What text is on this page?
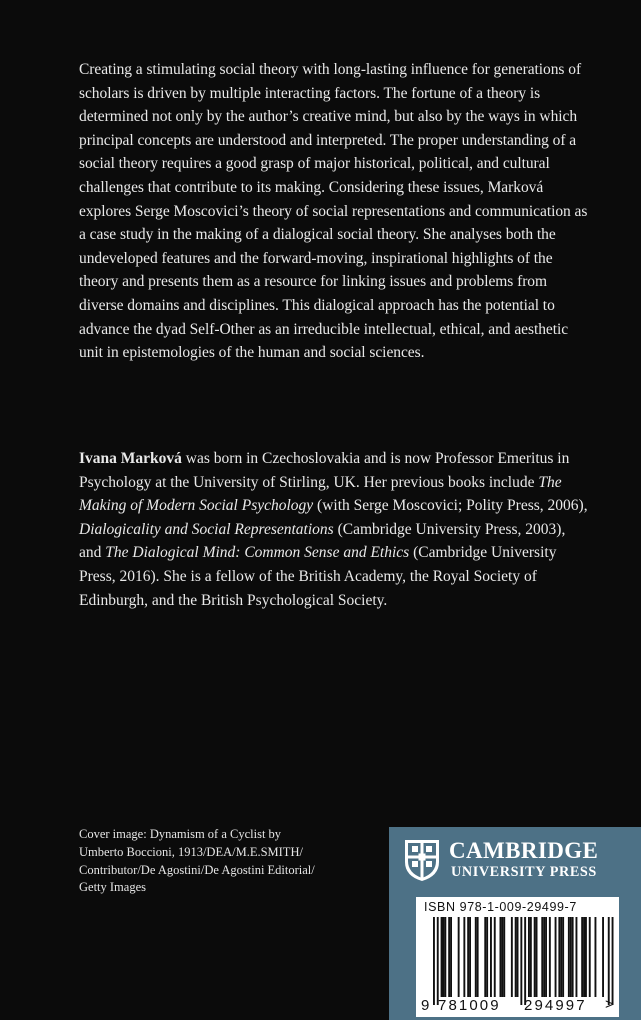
Creating a stimulating social theory with long-lasting influence for generations of scholars is driven by multiple interacting factors. The fortune of a theory is determined not only by the author’s creative mind, but also by the ways in which principal concepts are understood and interpreted. The proper understanding of a social theory requires a good grasp of major historical, political, and cultural challenges that contribute to its making. Considering these issues, Marková explores Serge Moscovici’s theory of social representations and communication as a case study in the making of a dialogical social theory. She analyses both the undeveloped features and the forward-moving, inspirational highlights of the theory and presents them as a resource for linking issues and problems from diverse domains and disciplines. This dialogical approach has the potential to advance the dyad Self-Other as an irreducible intellectual, ethical, and aesthetic unit in epistemologies of the human and social sciences.

Ivana Marková was born in Czechoslovakia and is now Professor Emeritus in Psychology at the University of Stirling, UK. Her previous books include The Making of Modern Social Psychology (with Serge Moscovici; Polity Press, 2006), Dialogicality and Social Representations (Cambridge University Press, 2003), and The Dialogical Mind: Common Sense and Ethics (Cambridge University Press, 2016). She is a fellow of the British Academy, the Royal Society of Edinburgh, and the British Psychological Society.

Cover image: Dynamism of a Cyclist by
Umberto Boccioni, 1913/DEA/M.E.SMITH/
Contributor/De Agostini/De Agostini Editorial/
Getty Images
CAMBRIDGE
UNIVERSITY PRESS
ISBN 978-1-009-29499-7
9 781009 294997 >
